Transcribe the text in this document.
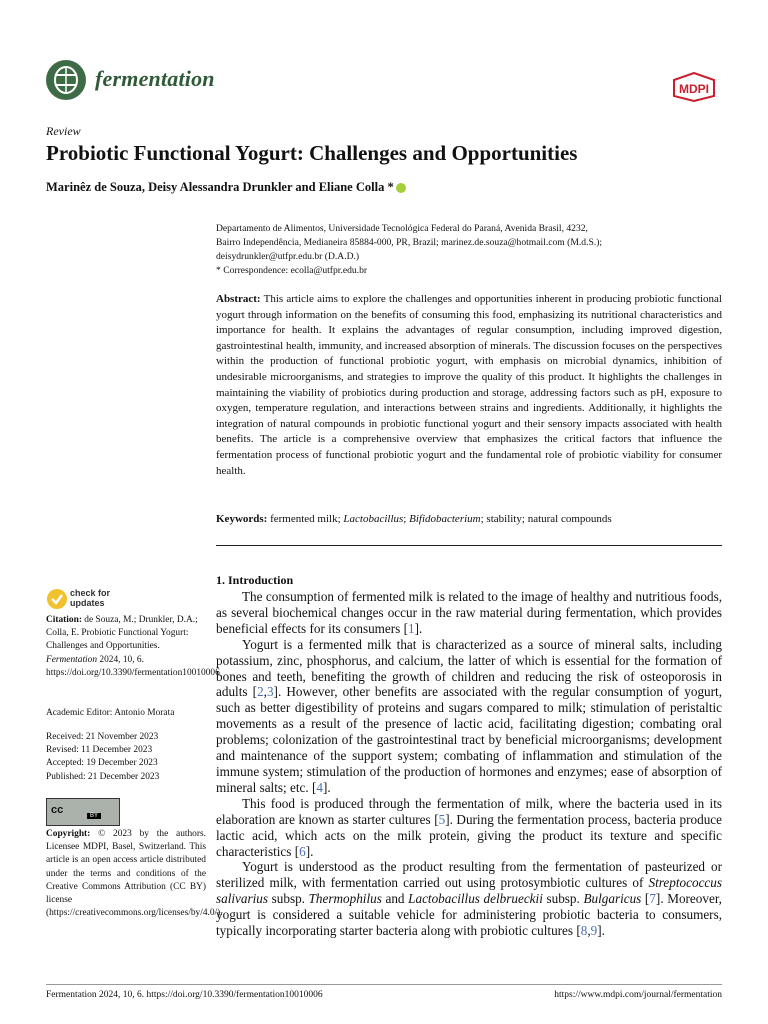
fermentation	MDPI
Review
Probiotic Functional Yogurt: Challenges and Opportunities
Marinêz de Souza, Deisy Alessandra Drunkler and Eliane Colla *
Departamento de Alimentos, Universidade Tecnológica Federal do Paraná, Avenida Brasil, 4232,
Bairro Independência, Medianeira 85884-000, PR, Brazil; marinez.de.souza@hotmail.com (M.d.S.);
deisydrunkler@utfpr.edu.br (D.A.D.)
* Correspondence: ecolla@utfpr.edu.br
Abstract: This article aims to explore the challenges and opportunities inherent in producing probiotic functional yogurt through information on the benefits of consuming this food, emphasizing its nutritional characteristics and importance for health. It explains the advantages of regular consumption, including improved digestion, gastrointestinal health, immunity, and increased absorption of minerals. The discussion focuses on the perspectives within the production of functional probiotic yogurt, with emphasis on microbial dynamics, inhibition of undesirable microorganisms, and strategies to improve the quality of this product. It highlights the challenges in maintaining the viability of probiotics during production and storage, addressing factors such as pH, exposure to oxygen, temperature regulation, and interactions between strains and ingredients. Additionally, it highlights the integration of natural compounds in probiotic functional yogurt and their sensory impacts associated with health benefits. The article is a comprehensive overview that emphasizes the critical factors that influence the fermentation process of functional probiotic yogurt and the fundamental role of probiotic viability for consumer health.
Keywords: fermented milk; Lactobacillus; Bifidobacterium; stability; natural compounds
check for
updates
Citation: de Souza, M.; Drunkler, D.A.; Colla, E. Probiotic Functional Yogurt: Challenges and Opportunities. Fermentation 2024, 10, 6. https://doi.org/10.3390/fermentation10010006
Academic Editor: Antonio Morata
Received: 21 November 2023
Revised: 11 December 2023
Accepted: 19 December 2023
Published: 21 December 2023
cc	BY
Copyright: © 2023 by the authors. Licensee MDPI, Basel, Switzerland. This article is an open access article distributed under the terms and conditions of the Creative Commons Attribution (CC BY) license (https://creativecommons.org/licenses/by/4.0/).
1. Introduction

The consumption of fermented milk is related to the image of healthy and nutritious foods, as several biochemical changes occur in the raw material during fermentation, which provides beneficial effects for its consumers [1].

Yogurt is a fermented milk that is characterized as a source of mineral salts, including potassium, zinc, phosphorus, and calcium, the latter of which is essential for the formation of bones and teeth, benefiting the growth of children and reducing the risk of osteoporosis in adults [2,3]. However, other benefits are associated with the regular consumption of yogurt, such as better digestibility of proteins and sugars compared to milk; stimulation of peristaltic movements as a result of the presence of lactic acid, facilitating digestion; combating oral problems; colonization of the gastrointestinal tract by beneficial microorganisms; development and maintenance of the support system; combating of inflammation and stimulation of the immune system; stimulation of the production of hormones and enzymes; ease of absorption of mineral salts; etc. [4].

This food is produced through the fermentation of milk, where the bacteria used in its elaboration are known as starter cultures [5]. During the fermentation process, bacteria produce lactic acid, which acts on the milk protein, giving the product its texture and specific characteristics [6].

Yogurt is understood as the product resulting from the fermentation of pasteurized or sterilized milk, with fermentation carried out using protosymbiotic cultures of Streptococcus salivarius subsp. Thermophilus and Lactobacillus delbrueckii subsp. Bulgaricus [7]. Moreover, yogurt is considered a suitable vehicle for administering probiotic bacteria to consumers, typically incorporating starter bacteria along with probiotic cultures [8,9].

Fermentation 2024, 10, 6. https://doi.org/10.3390/fermentation10010006	https://www.mdpi.com/journal/fermentation
